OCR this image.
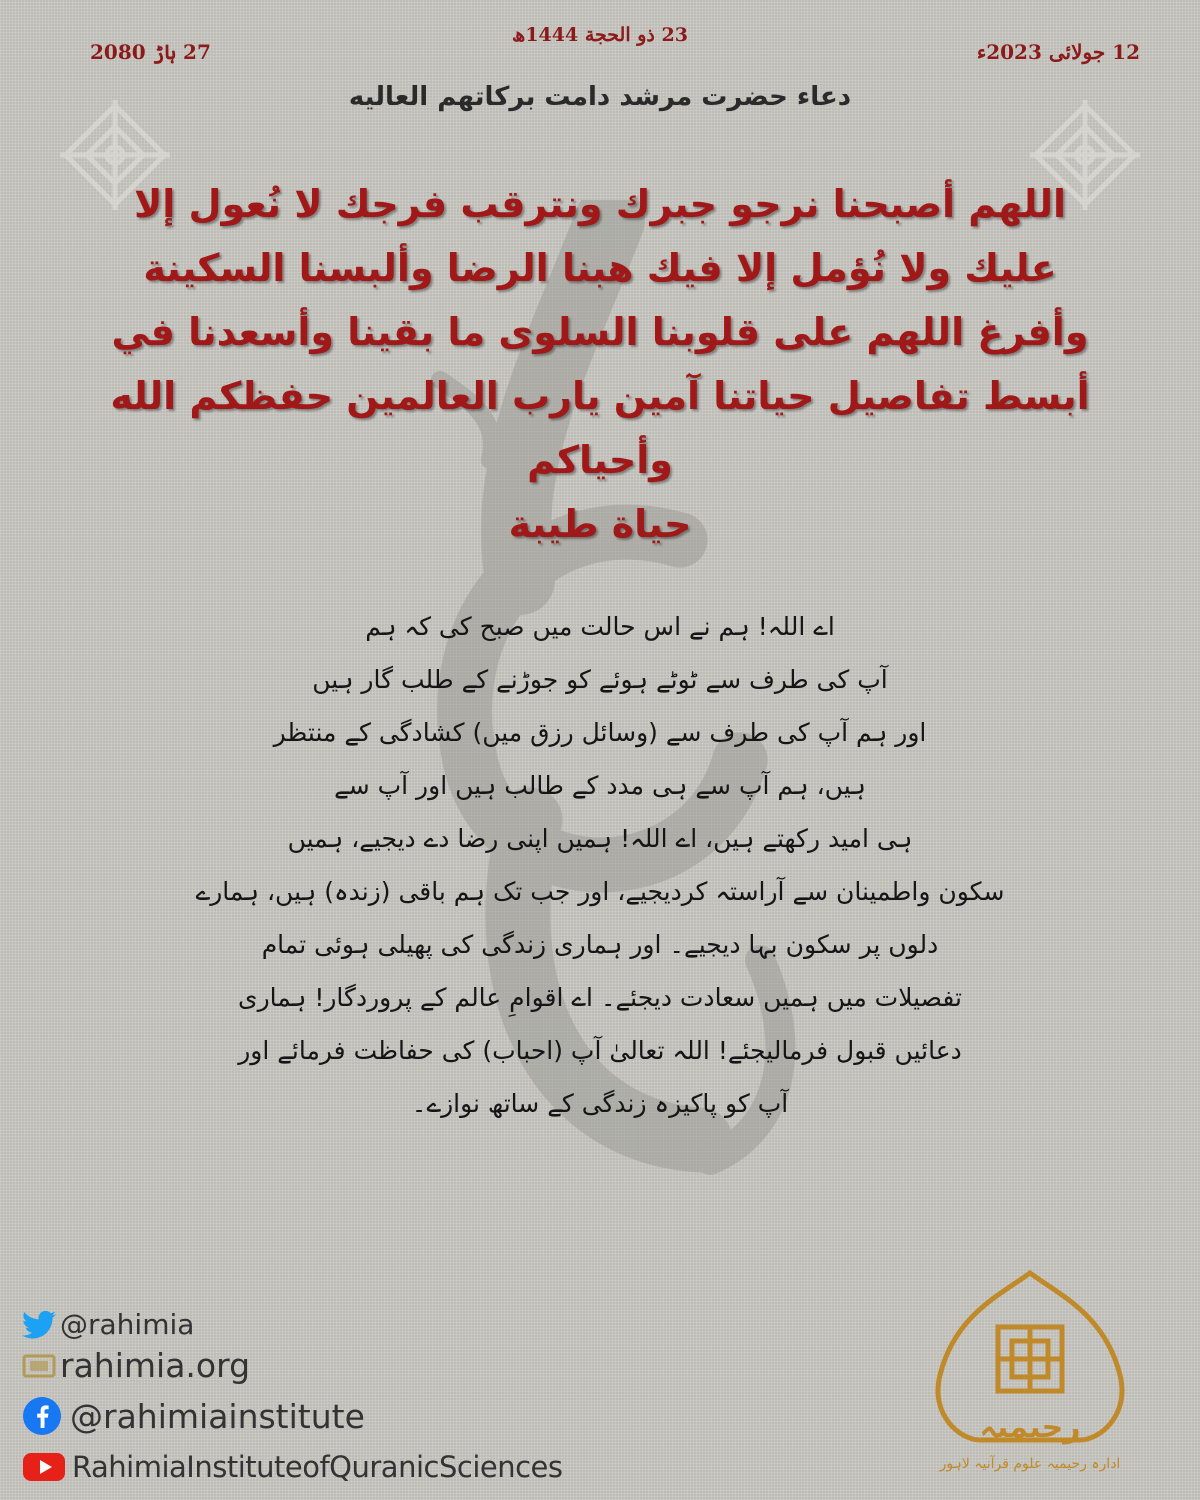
23 ذو الحجة 1444ھ
12 جولائی 2023ء
27 ہاڑ 2080
دعاء حضرت مرشد دامت برکاتهم العاليه
اللهم أصبحنا نرجو جبرك ونترقب فرجك لا نُعول إلا
عليك ولا نُؤمل إلا فيك هبنا الرضا وألبسنا السكينة
وأفرغ اللهم على قلوبنا السلوى ما بقينا وأسعدنا في
أبسط تفاصيل حياتنا آمين يارب العالمين حفظكم الله وأحياكم
حياة طيبة
اے اللہ! ہم نے اس حالت میں صبح کی کہ ہم
آپ کی طرف سے ٹوٹے ہوئے کو جوڑنے کے طلب گار ہیں
اور ہم آپ کی طرف سے (وسائل رزق میں) کشادگی کے منتظر
ہیں، ہم آپ سے ہی مدد کے طالب ہیں اور آپ سے
ہی امید رکھتے ہیں، اے اللہ! ہمیں اپنی رضا دے دیجیے، ہمیں
سکون واطمینان سے آراستہ کردیجیے، اور جب تک ہم باقی (زندہ) ہیں، ہمارے
دلوں پر سکون بہا دیجیے۔ اور ہماری زندگی کی پھیلی ہوئی تمام
تفصیلات میں ہمیں سعادت دیجئے۔ اے اقوامِ عالم کے پروردگار! ہماری
دعائیں قبول فرمالیجئے! اللہ تعالیٰ آپ (احباب) کی حفاظت فرمائے اور
آپ کو پاکیزہ زندگی کے ساتھ نوازے۔
@rahimia
rahimia.org
@rahimiainstitute
RahimiaInstituteofQuranicSciences
رحیمیہ
ادارہ رحیمیہ علوم قرآنیہ لاہور
